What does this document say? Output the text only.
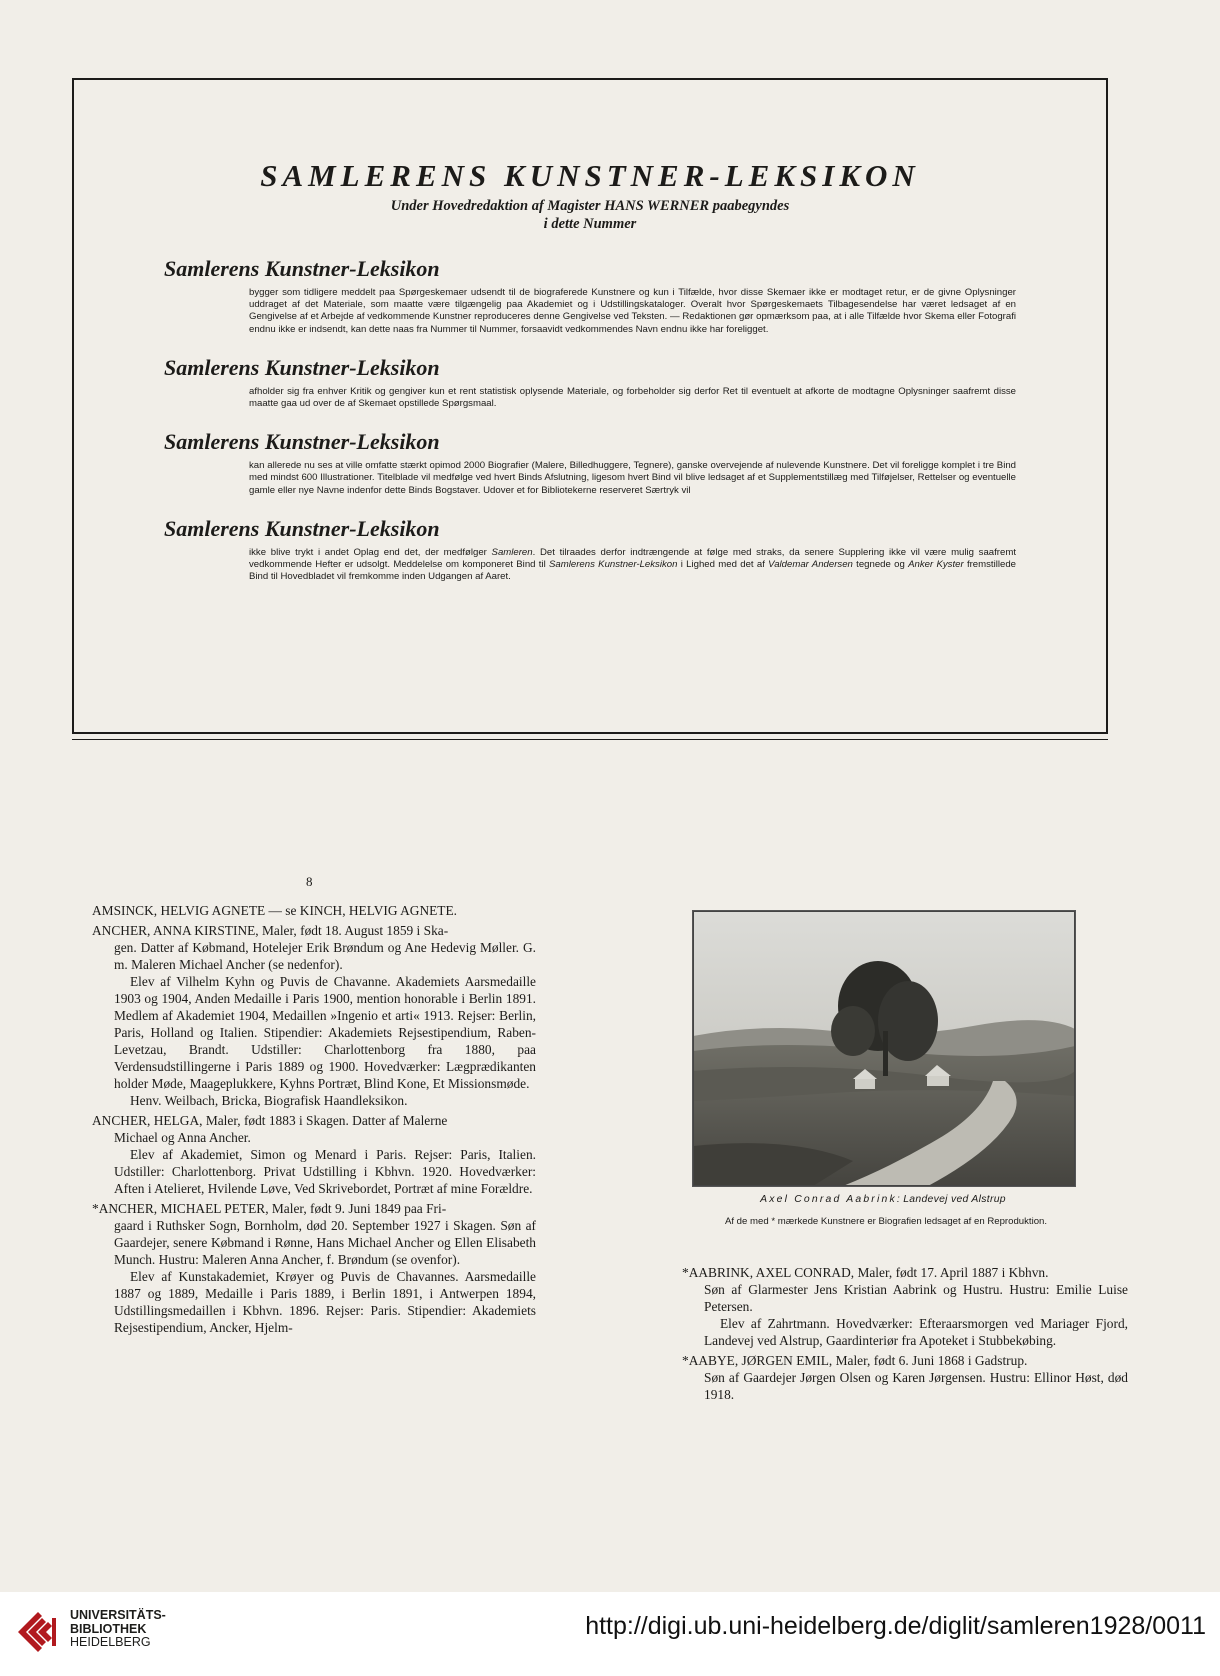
SAMLERENS KUNSTNER-LEKSIKON
Under Hovedredaktion af Magister HANS WERNER paabegyndes
i dette Nummer
Samlerens Kunstner-Leksikon

bygger som tidligere meddelt paa Spørgeskemaer udsendt til de biograferede Kunstnere og kun i Tilfælde, hvor disse Skemaer ikke er modtaget retur, er de givne Oplysninger uddraget af det Materiale, som maatte være tilgængelig paa Akademiet og i Udstillingskataloger. Overalt hvor Spørgeskemaets Tilbagesendelse har været ledsaget af en Gengivelse af et Arbejde af vedkommende Kunstner reproduceres denne Gengivelse ved Teksten. — Redaktionen gør opmærksom paa, at i alle Tilfælde hvor Skema eller Fotografi endnu ikke er indsendt, kan dette naas fra Nummer til Nummer, forsaavidt vedkommendes Navn endnu ikke har foreligget.

Samlerens Kunstner-Leksikon

afholder sig fra enhver Kritik og gengiver kun et rent statistisk oplysende Materiale, og forbeholder sig derfor Ret til eventuelt at afkorte de modtagne Oplysninger saafremt disse maatte gaa ud over de af Skemaet opstillede Spørgsmaal.

Samlerens Kunstner-Leksikon

kan allerede nu ses at ville omfatte stærkt opimod 2000 Biografier (Malere, Billedhuggere, Tegnere), ganske overvejende af nulevende Kunstnere. Det vil foreligge komplet i tre Bind med mindst 600 Illustrationer. Titelblade vil medfølge ved hvert Binds Afslutning, ligesom hvert Bind vil blive ledsaget af et Supplementstillæg med Tilføjelser, Rettelser og eventuelle gamle eller nye Navne indenfor dette Binds Bogstaver. Udover et for Bibliotekerne reserveret Særtryk vil

Samlerens Kunstner-Leksikon

ikke blive trykt i andet Oplag end det, der medfølger Samleren. Det tilraades derfor indtrængende at følge med straks, da senere Supplering ikke vil være mulig saafremt vedkommende Hefter er udsolgt. Meddelelse om komponeret Bind til Samlerens Kunstner-Leksikon i Lighed med det af Valdemar Andersen tegnede og Anker Kyster fremstillede Bind til Hovedbladet vil fremkomme inden Udgangen af Aaret.

8

AMSINCK, HELVIG AGNETE — se KINCH, HELVIG AGNETE.

ANCHER, ANNA KIRSTINE, Maler, født 18. August 1859 i Ska-

gen. Datter af Købmand, Hotelejer Erik Brøndum og Ane Hedevig Møller. G. m. Maleren Michael Ancher (se nedenfor).

Elev af Vilhelm Kyhn og Puvis de Chavanne. Akademiets Aarsmedaille 1903 og 1904, Anden Medaille i Paris 1900, mention honorable i Berlin 1891. Medlem af Akademiet 1904, Medaillen »Ingenio et arti« 1913. Rejser: Berlin, Paris, Holland og Italien. Stipendier: Akademiets Rejsestipendium, Raben-Levetzau, Brandt. Udstiller: Charlottenborg fra 1880, paa Verdensudstillingerne i Paris 1889 og 1900. Hovedværker: Lægprædikanten holder Møde, Maageplukkere, Kyhns Portræt, Blind Kone, Et Missionsmøde.

Henv. Weilbach, Bricka, Biografisk Haandleksikon.

ANCHER, HELGA, Maler, født 1883 i Skagen. Datter af Malerne

Michael og Anna Ancher.

Elev af Akademiet, Simon og Menard i Paris. Rejser: Paris, Italien. Udstiller: Charlottenborg. Privat Udstilling i Kbhvn. 1920. Hovedværker: Aften i Atelieret, Hvilende Løve, Ved Skrivebordet, Portræt af mine Forældre.

*ANCHER, MICHAEL PETER, Maler, født 9. Juni 1849 paa Fri-

gaard i Ruthsker Sogn, Bornholm, død 20. September 1927 i Skagen. Søn af Gaardejer, senere Købmand i Rønne, Hans Michael Ancher og Ellen Elisabeth Munch. Hustru: Maleren Anna Ancher, f. Brøndum (se ovenfor).

Elev af Kunstakademiet, Krøyer og Puvis de Chavannes. Aarsmedaille 1887 og 1889, Medaille i Paris 1889, i Berlin 1891, i Antwerpen 1894, Udstillingsmedaillen i Kbhvn. 1896. Rejser: Paris. Stipendier: Akademiets Rejsestipendium, Ancker, Hjelm-

Axel Conrad Aabrink: Landevej ved Alstrup
Af de med * mærkede Kunstnere er Biografien ledsaget af en Reproduktion.

*AABRINK, AXEL CONRAD, Maler, født 17. April 1887 i Kbhvn.

Søn af Glarmester Jens Kristian Aabrink og Hustru. Hustru: Emilie Luise Petersen.

Elev af Zahrtmann. Hovedværker: Efteraarsmorgen ved Mariager Fjord, Landevej ved Alstrup, Gaardinteriør fra Apoteket i Stubbekøbing.

*AABYE, JØRGEN EMIL, Maler, født 6. Juni 1868 i Gadstrup.

Søn af Gaardejer Jørgen Olsen og Karen Jørgensen. Hustru: Ellinor Høst, død 1918.

UNIVERSITÄTS-
BIBLIOTHEK
HEIDELBERG
http://digi.ub.uni-heidelberg.de/diglit/samleren1928/0011
